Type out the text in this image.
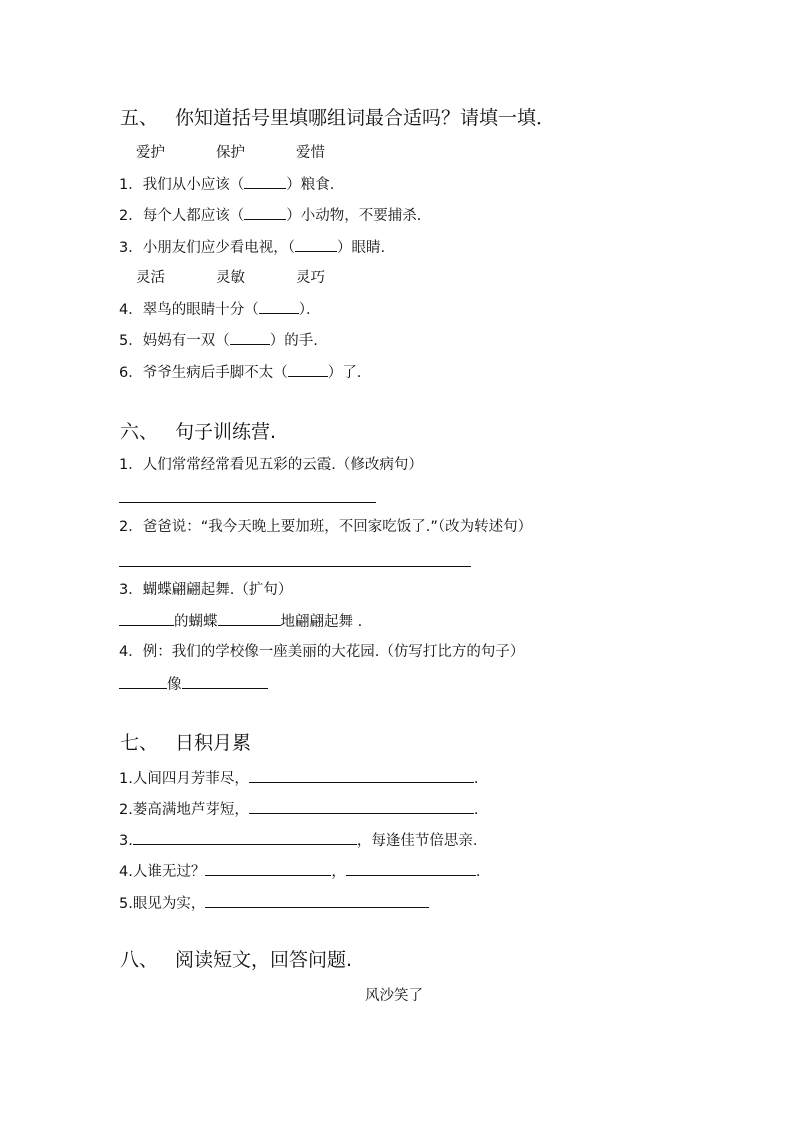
五、 你知道括号里填哪组词最合适吗？请填一填．
爱护	保护	爱惜
1．我们从小应该（	）粮食.
2．每个人都应该（	）小动物，不要捕杀.
3．小朋友们应少看电视，（	）眼睛.
灵活	灵敏	灵巧
4．翠鸟的眼睛十分（	）．
5．妈妈有一双（	）的手.
6．爷爷生病后手脚不太（	）了.
六、 句子训练营.
1．人们常常经常看见五彩的云霞.（修改病句）
2．爸爸说：“我今天晚上要加班，不回家吃饭了.”（改为转述句）
3．蝴蝶翩翩起舞.（扩句）
的蝴蝶	地翩翩起舞 .
4．例：我们的学校像一座美丽的大花园.（仿写打比方的句子）
像
七、 日积月累
1.人间四月芳菲尽，	.
2.蒌高满地芦芽短，	.
3.	，每逢佳节倍思亲.
4.人谁无过？	，	.
5.眼见为实，
八、 阅读短文，回答问题.
风沙笑了
